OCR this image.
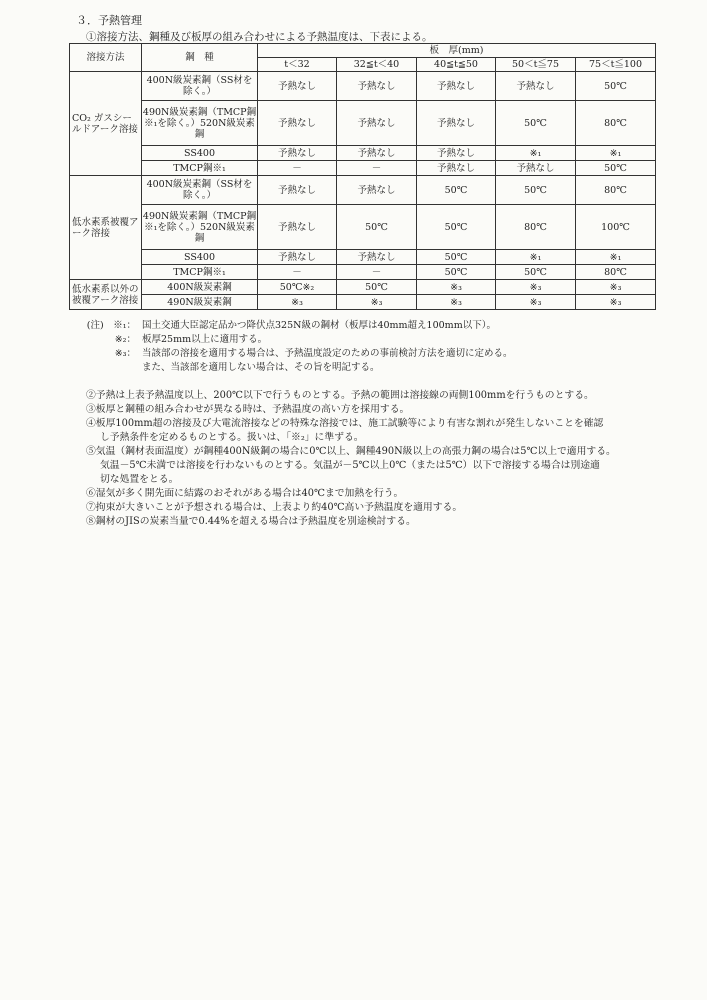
３．予熱管理
①溶接方法、鋼種及び板厚の組み合わせによる予熱温度は、下表による。
溶接方法	鋼　種	板　厚(mm)				
		t＜32	32≦t＜40	40≦t≦50	50＜t≦75	75＜t≦100
CO₂ ガスシールドアーク溶接	400N級炭素鋼（SS材を除く。）	予熱なし	予熱なし	予熱なし	予熱なし	50℃
	490N級炭素鋼（TMCP鋼※₁を除く。）520N級炭素鋼	予熱なし	予熱なし	予熱なし	50℃	80℃
	SS400	予熱なし	予熱なし	予熱なし	※₁	※₁
	TMCP鋼※₁	－	－	予熱なし	予熱なし	50℃
低水素系被覆アーク溶接	400N級炭素鋼（SS材を除く。）	予熱なし	予熱なし	50℃	50℃	80℃
	490N級炭素鋼（TMCP鋼※₁を除く。）520N級炭素鋼	予熱なし	50℃	50℃	80℃	100℃
	SS400	予熱なし	予熱なし	50℃	※₁	※₁
	TMCP鋼※₁	－	－	50℃	50℃	80℃
低水素系以外の被覆アーク溶接	400N級炭素鋼	50℃※₂	50℃	※₃	※₃	※₃
	490N級炭素鋼	※₃	※₃	※₃	※₃	※₃
(注)　 ※₁： 国土交通大臣認定品かつ降伏点325N級の鋼材（板厚は40mm超え100mm以下）。
※₂： 板厚25mm以上に適用する。
※₃： 当該部の溶接を適用する場合は、予熱温度設定のための事前検討方法を適切に定める。
また、当該部を適用しない場合は、その旨を明記する。
②予熱は上表予熱温度以上、200℃以下で行うものとする。予熱の範囲は溶接線の両側100mmを行うものとする。
③板厚と鋼種の組み合わせが異なる時は、予熱温度の高い方を採用する。
④板厚100mm超の溶接及び大電流溶接などの特殊な溶接では、施工試験等により有害な割れが発生しないことを確認
し予熱条件を定めるものとする。扱いは、「※₂」に準ずる。
⑤気温（鋼材表面温度）が鋼種400N級鋼の場合に0℃以上、鋼種490N級以上の高張力鋼の場合は5℃以上で適用する。
気温－5℃未満では溶接を行わないものとする。気温が－5℃以上0℃（または5℃）以下で溶接する場合は別途適
切な処置をとる。
⑥湿気が多く開先面に結露のおそれがある場合は40℃まで加熱を行う。
⑦拘束が大きいことが予想される場合は、上表より約40℃高い予熱温度を適用する。
⑧鋼材のJISの炭素当量で0.44%を超える場合は予熱温度を別途検討する。
